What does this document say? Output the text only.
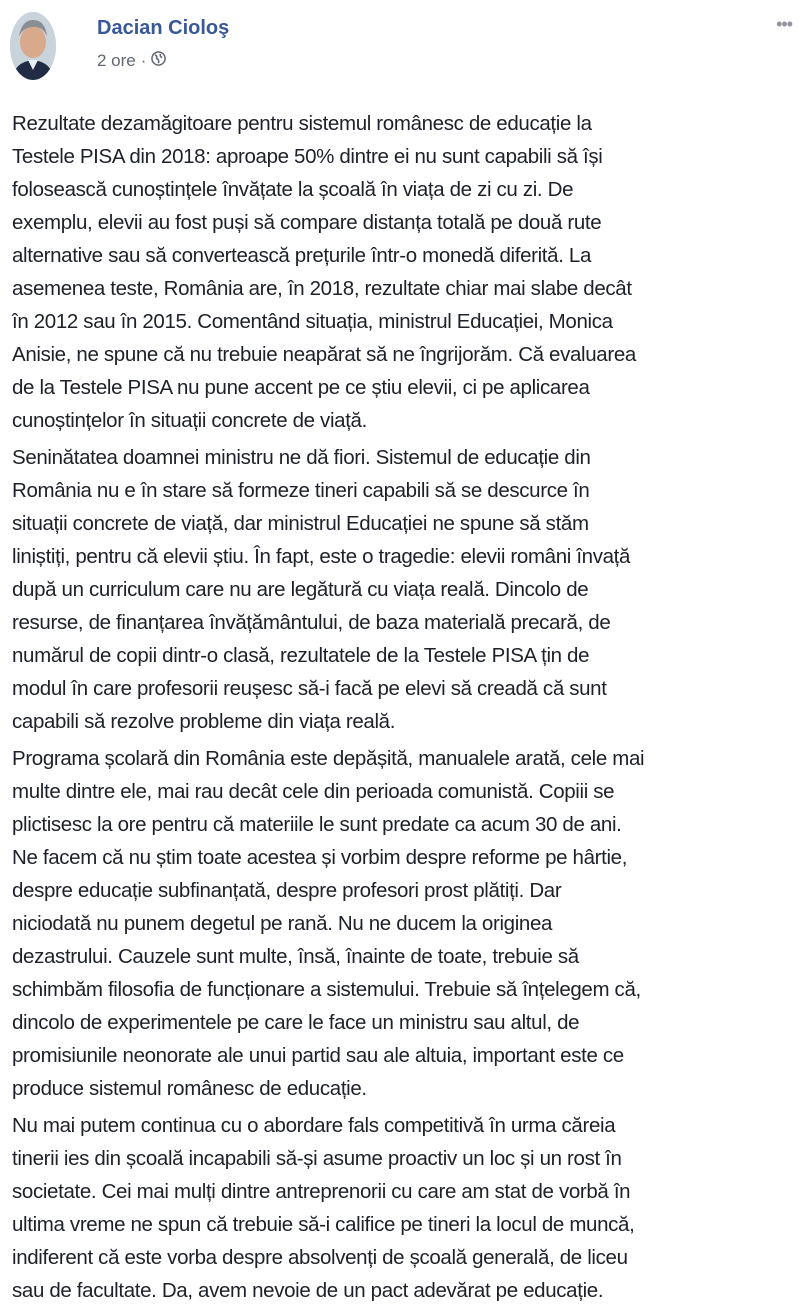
Dacian Cioloş
2 ore ·
•••

Rezultate dezamăgitoare pentru sistemul românesc de educație la
Testele PISA din 2018: aproape 50% dintre ei nu sunt capabili să își
folosească cunoștințele învățate la școală în viața de zi cu zi. De
exemplu, elevii au fost puși să compare distanța totală pe două rute
alternative sau să convertească prețurile într-o monedă diferită. La
asemenea teste, România are, în 2018, rezultate chiar mai slabe decât
în 2012 sau în 2015. Comentând situația, ministrul Educației, Monica
Anisie, ne spune că nu trebuie neapărat să ne îngrijorăm. Că evaluarea
de la Testele PISA nu pune accent pe ce știu elevii, ci pe aplicarea
cunoștințelor în situații concrete de viață.

Seninătatea doamnei ministru ne dă fiori. Sistemul de educație din
România nu e în stare să formeze tineri capabili să se descurce în
situații concrete de viață, dar ministrul Educației ne spune să stăm
liniștiți, pentru că elevii știu. În fapt, este o tragedie: elevii români învață
după un curriculum care nu are legătură cu viața reală. Dincolo de
resurse, de finanțarea învățământului, de baza materială precară, de
numărul de copii dintr-o clasă, rezultatele de la Testele PISA țin de
modul în care profesorii reușesc să-i facă pe elevi să creadă că sunt
capabili să rezolve probleme din viața reală.

Programa școlară din România este depășită, manualele arată, cele mai
multe dintre ele, mai rau decât cele din perioada comunistă. Copiii se
plictisesc la ore pentru că materiile le sunt predate ca acum 30 de ani.
Ne facem că nu știm toate acestea și vorbim despre reforme pe hârtie,
despre educație subfinanțată, despre profesori prost plătiți. Dar
niciodată nu punem degetul pe rană. Nu ne ducem la originea
dezastrului. Cauzele sunt multe, însă, înainte de toate, trebuie să
schimbăm filosofia de funcționare a sistemului. Trebuie să înțelegem că,
dincolo de experimentele pe care le face un ministru sau altul, de
promisiunile neonorate ale unui partid sau ale altuia, important este ce
produce sistemul românesc de educație.

Nu mai putem continua cu o abordare fals competitivă în urma căreia
tinerii ies din școală incapabili să-și asume proactiv un loc și un rost în
societate. Cei mai mulți dintre antreprenorii cu care am stat de vorbă în
ultima vreme ne spun că trebuie să-i califice pe tineri la locul de muncă,
indiferent că este vorba despre absolvenți de școală generală, de liceu
sau de facultate. Da, avem nevoie de un pact adevărat pe educație.
